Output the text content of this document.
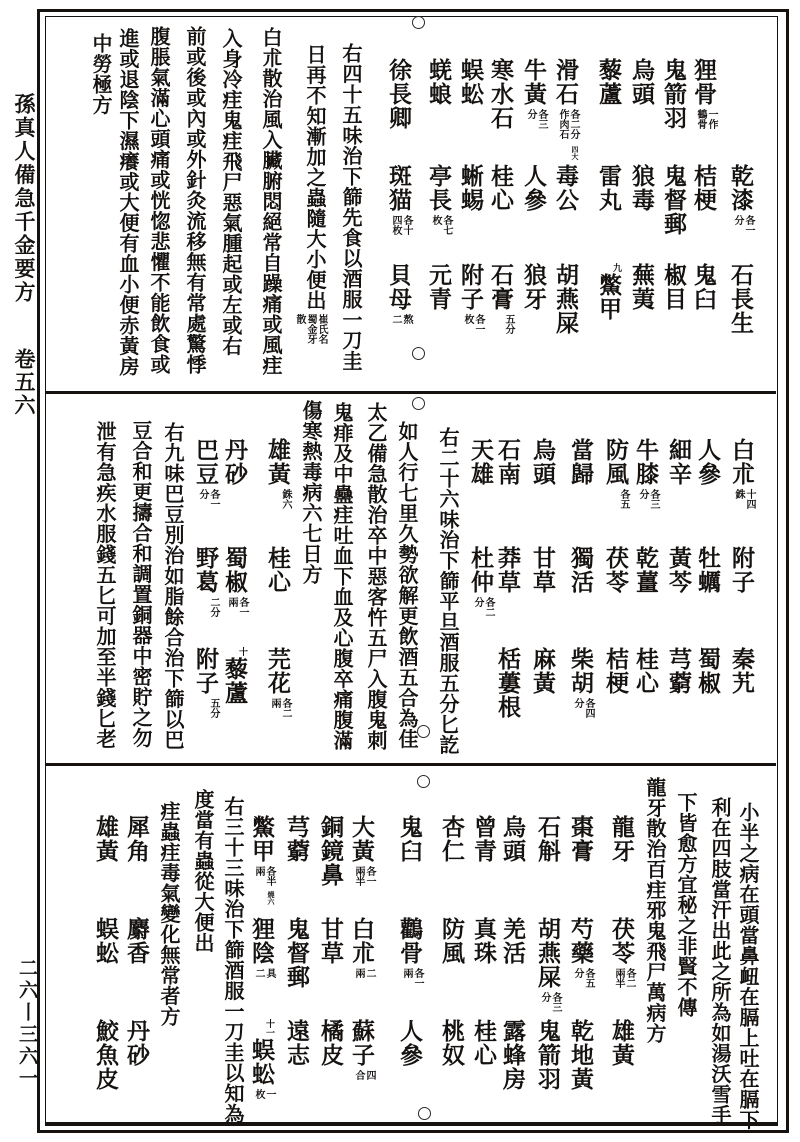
孫真人備急千金要方
卷五六
二六丨三六一
乾漆各一分
石長生
狸骨一作鶴骨
桔梗
鬼臼
鬼箭羽
鬼督郵
椒目
烏頭
狼毒
蕪荑
藜蘆
雷丸
九鱉甲
滑石各二分作肉石四大
毒公
胡燕屎
牛黃各三分
人參
狼牙
寒水石
桂心
石膏五分
蜈蚣
蜥蜴
附子各一枚
蜣蜋
亭長各七枚
元青
徐長卿
斑猫各十四枚
貝母熬二
右四十五味治下篩先食以酒服一刀圭
日再不知漸加之蟲隨大小便出崔氏名蜀金牙散
白朮散治風入臟腑悶絕常自躁痛或風疰
入身冷疰鬼疰飛尸惡氣腫起或左或右
前或後或內或外針灸流移無有常處驚悸
腹脹氣滿心頭痛或恍惚悲懼不能飲食或
進或退陰下濕癢或大便有血小便赤黃房
中勞極方
白朮十四銖
附子
秦艽
人參
牡蠣
蜀椒
細辛
黃芩
芎藭
牛膝各三分
乾薑
桂心
防風各五
茯苓
桔梗
當歸
獨活
柴胡各四分
烏頭
甘草
麻黃
石南
莽草
栝蔞根
天雄
杜仲各二分
右二十六味治下篩平旦酒服五分匕訖
如人行七里久勢欲解更飲酒五合為佳
太乙備急散治卒中惡客忤五尸入腹鬼刺
鬼痱及中蠱疰吐血下血及心腹卒痛腹滿
傷寒熱毒病六七日方
雄黃銖六
桂心
芫花各二兩
丹砂
蜀椒各一兩
十藜蘆
巴豆各一分
野葛二分
附子五分
右九味巴豆別治如脂餘合治下篩以巴
豆合和更擣合和調置銅器中密貯之勿
泄有急疾水服錢五匕可加至半錢匕老
小半之病在頭當鼻衄在膈上吐在膈下
利在四肢當汗出此之所為如湯沃雪手
下皆愈方宜秘之非賢不傳
龍牙散治百疰邪鬼飛尸萬病方
龍牙
茯苓各二兩半
雄黃
棗膏
芍藥各五分
乾地黃
石斛
胡燕屎各三分
鬼箭羽
烏頭
羌活
露蜂房
曾青
真珠
桂心
杏仁
防風
桃奴
鬼臼
鸛骨各一兩
人參
大黃各一兩半
白朮二兩
蘇子四合
銅鏡鼻
甘草
橘皮
芎藭
鬼督郵
遠志
鱉甲各半兩燒六
狸陰具二
十一蜈蚣一枚
右三十三味治下篩酒服一刀圭以知為
度當有蟲從大便出
疰蟲疰毒氣變化無常者方
犀角
麝香
丹砂
雄黃
蜈蚣
鮫魚皮
